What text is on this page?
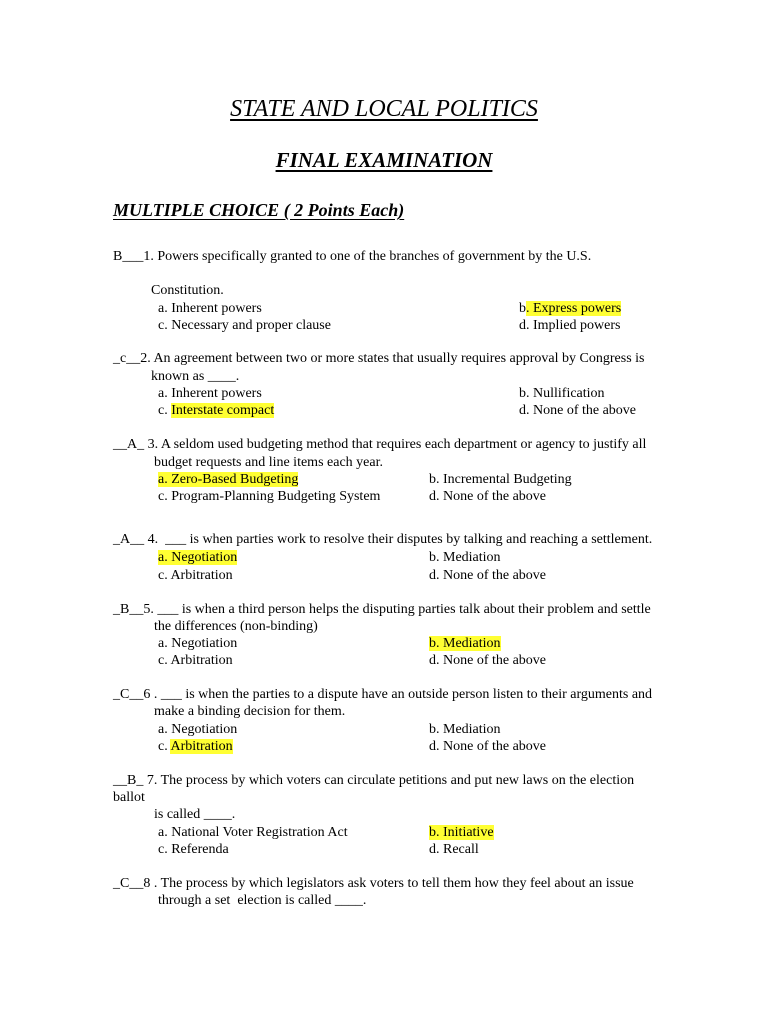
STATE AND LOCAL POLITICS
FINAL EXAMINATION
MULTIPLE CHOICE ( 2 Points Each)
B___1. Powers specifically granted to one of the branches of government by the U.S.
Constitution.
a. Inherent powers	b. Express powers
c. Necessary and proper clause	d. Implied powers
_c__2. An agreement between two or more states that usually requires approval by Congress is
known as ____.
a. Inherent powers	b. Nullification
c. Interstate compact	d. None of the above
__A_ 3. A seldom used budgeting method that requires each department or agency to justify all
budget requests and line items each year.
a. Zero-Based Budgeting	b. Incremental Budgeting
c. Program-Planning Budgeting System	d. None of the above
_A__ 4.  ___ is when parties work to resolve their disputes by talking and reaching a settlement.
a. Negotiation	b. Mediation
c. Arbitration	d. None of the above
_B__5. ___ is when a third person helps the disputing parties talk about their problem and settle
the differences (non-binding)
a. Negotiation	b. Mediation
c. Arbitration	d. None of the above
_C__6 . ___ is when the parties to a dispute have an outside person listen to their arguments and
make a binding decision for them.
a. Negotiation	b. Mediation
c. Arbitration	d. None of the above
__B_ 7. The process by which voters can circulate petitions and put new laws on the election
ballot
is called ____.
a. National Voter Registration Act	b. Initiative
c. Referenda	d. Recall
_C__8 . The process by which legislators ask voters to tell them how they feel about an issue
through a set  election is called ____.
